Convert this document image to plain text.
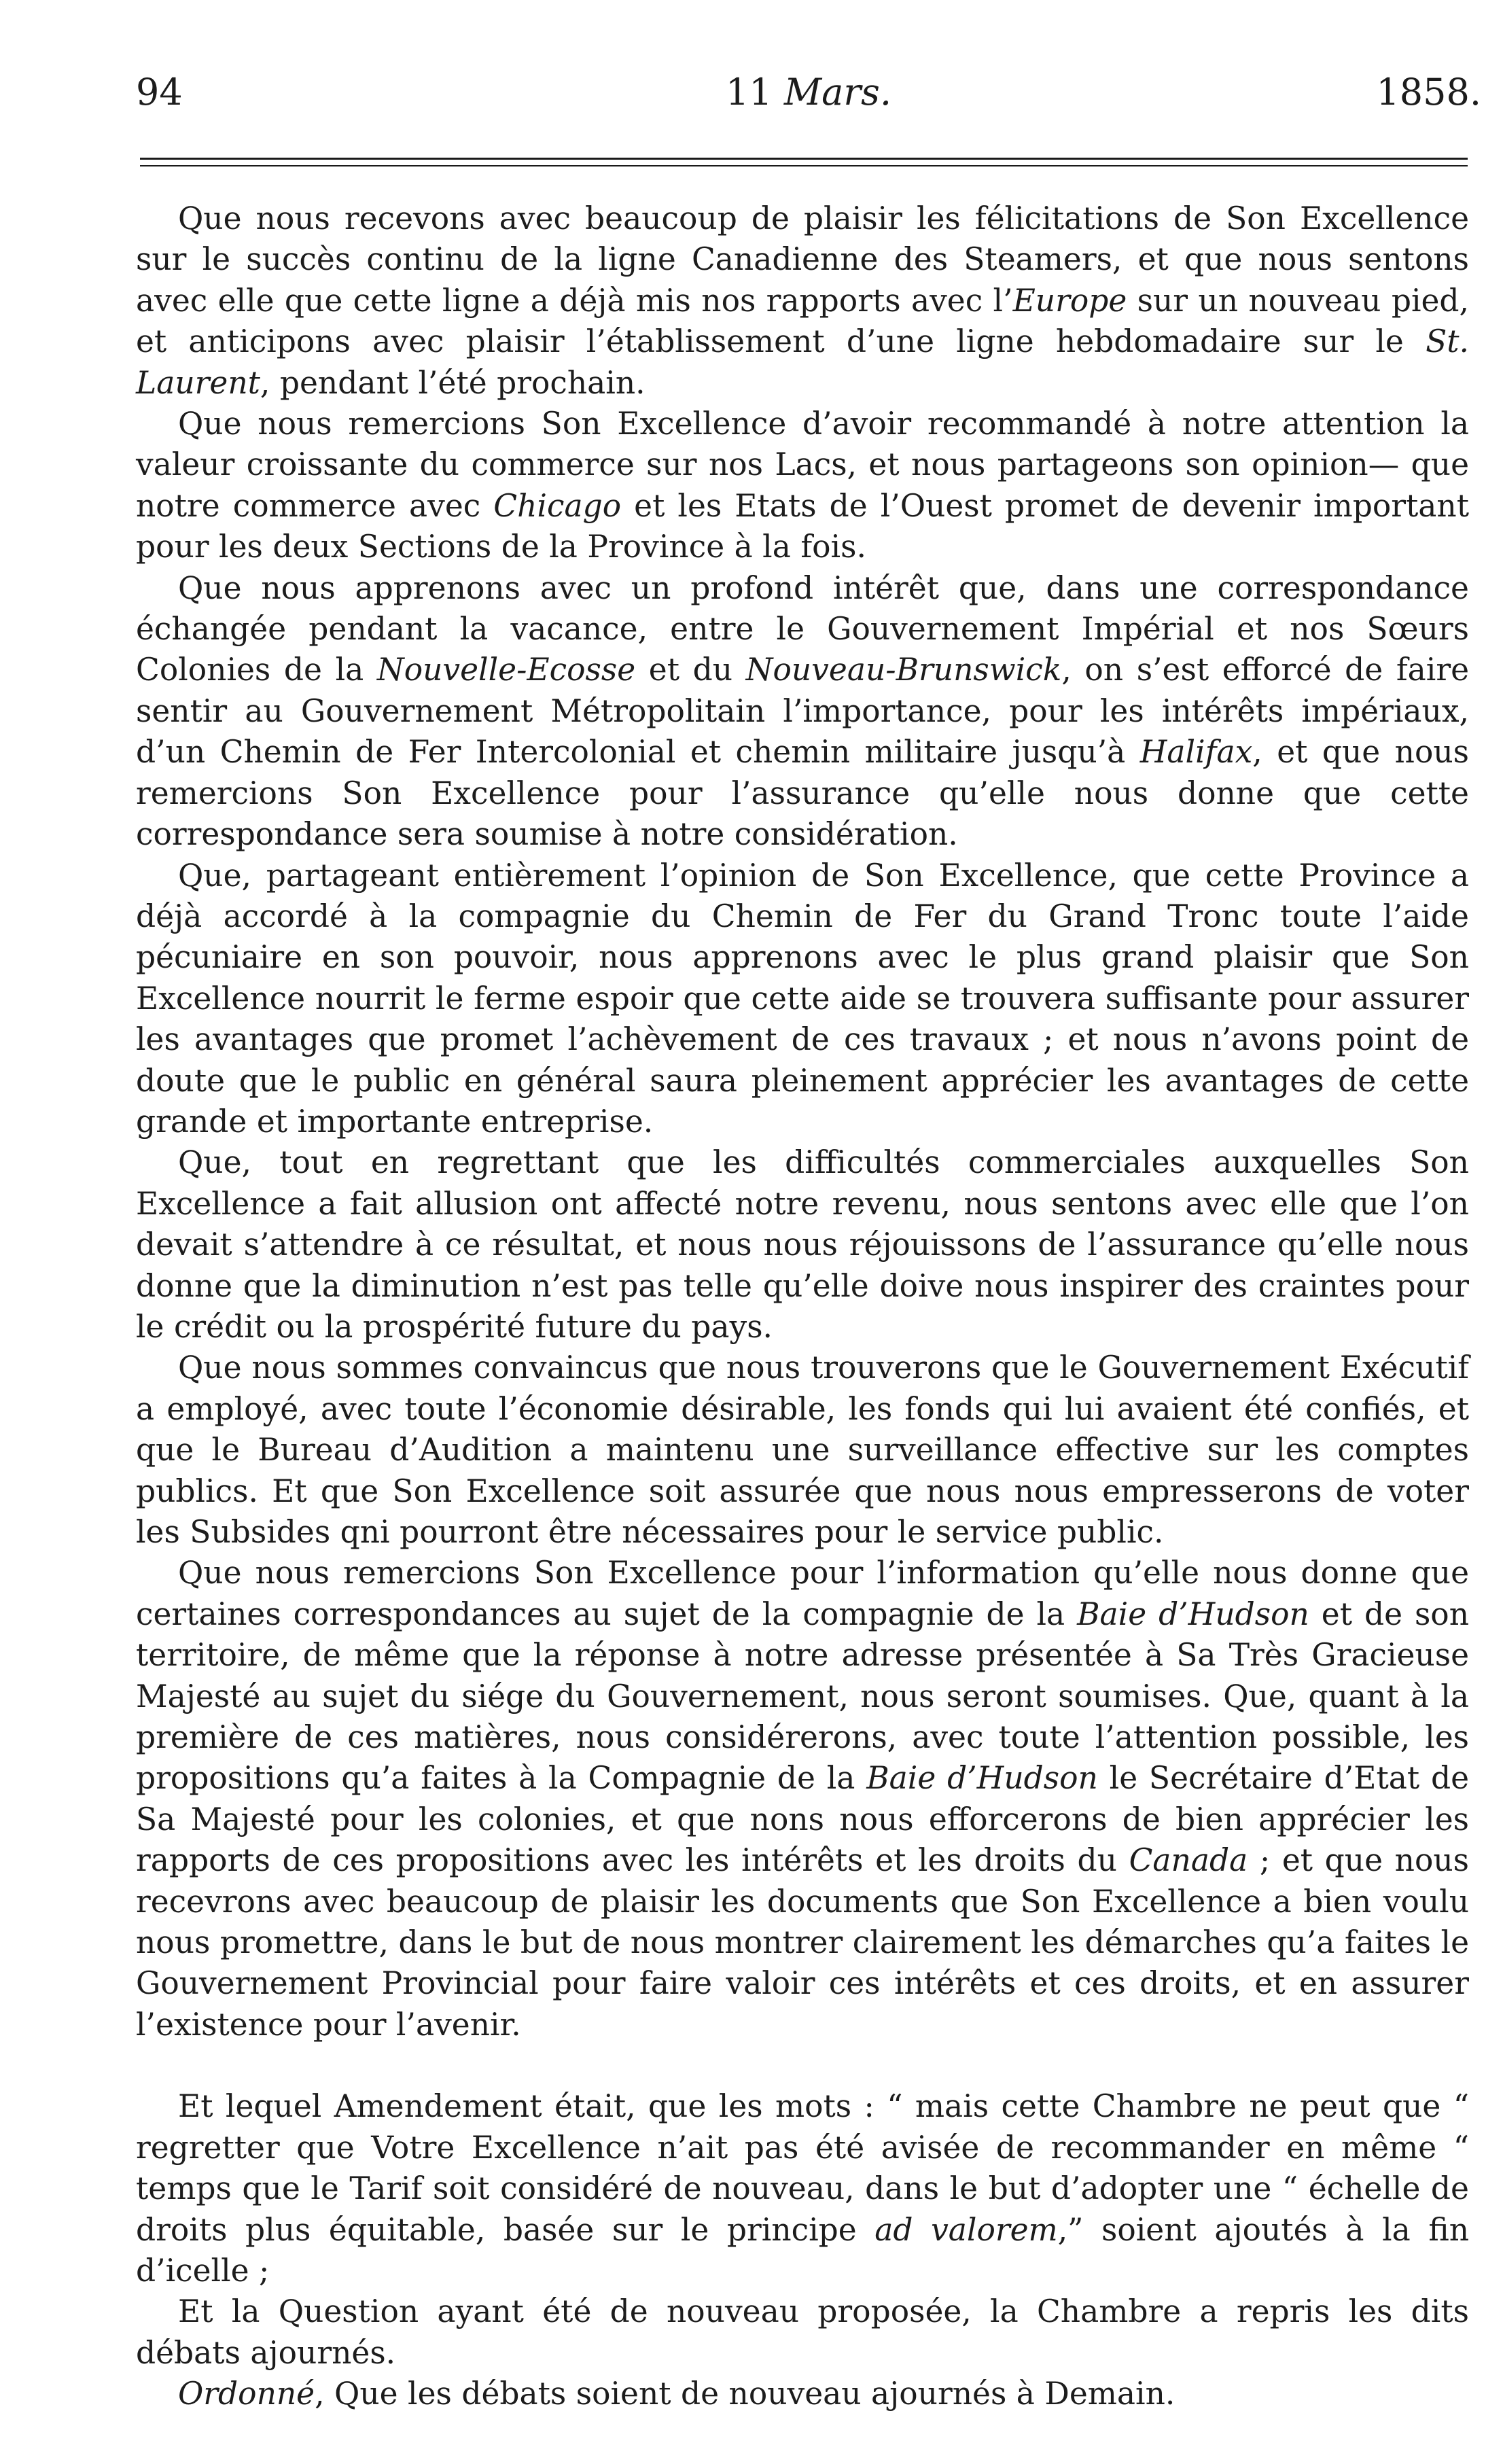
94	11 Mars.	1858.

Que nous recevons avec beaucoup de plaisir les félicitations de Son Excellence sur le succès continu de la ligne Canadienne des Steamers, et que nous sentons avec elle que cette ligne a déjà mis nos rapports avec l’Europe sur un nouveau pied, et anticipons avec plaisir l’établissement d’une ligne hebdomadaire sur le St. Laurent, pendant l’été prochain.

Que nous remercions Son Excellence d’avoir recommandé à notre attention la valeur croissante du commerce sur nos Lacs, et nous partageons son opinion— que notre commerce avec Chicago et les Etats de l’Ouest promet de devenir important pour les deux Sections de la Province à la fois.

Que nous apprenons avec un profond intérêt que, dans une correspondance échangée pendant la vacance, entre le Gouvernement Impérial et nos Sœurs Colonies de la Nouvelle-Ecosse et du Nouveau-Brunswick, on s’est efforcé de faire sentir au Gouvernement Métropolitain l’importance, pour les intérêts impériaux, d’un Chemin de Fer Intercolonial et chemin militaire jusqu’à Halifax, et que nous remercions Son Excellence pour l’assurance qu’elle nous donne que cette correspondance sera soumise à notre considération.

Que, partageant entièrement l’opinion de Son Excellence, que cette Province a déjà accordé à la compagnie du Chemin de Fer du Grand Tronc toute l’aide pécuniaire en son pouvoir, nous apprenons avec le plus grand plaisir que Son Excellence nourrit le ferme espoir que cette aide se trouvera suffisante pour assurer les avantages que promet l’achèvement de ces travaux ; et nous n’avons point de doute que le public en général saura pleinement apprécier les avantages de cette grande et importante entreprise.

Que, tout en regrettant que les difficultés commerciales auxquelles Son Excellence a fait allusion ont affecté notre revenu, nous sentons avec elle que l’on devait s’attendre à ce résultat, et nous nous réjouissons de l’assurance qu’elle nous donne que la diminution n’est pas telle qu’elle doive nous inspirer des craintes pour le crédit ou la prospérité future du pays.

Que nous sommes convaincus que nous trouverons que le Gouvernement Exécutif a employé, avec toute l’économie désirable, les fonds qui lui avaient été confiés, et que le Bureau d’Audition a maintenu une surveillance effective sur les comptes publics. Et que Son Excellence soit assurée que nous nous empresserons de voter les Subsides qni pourront être nécessaires pour le service public.

Que nous remercions Son Excellence pour l’information qu’elle nous donne que certaines correspondances au sujet de la compagnie de la Baie d’Hudson et de son territoire, de même que la réponse à notre adresse présentée à Sa Très Gracieuse Majesté au sujet du siége du Gouvernement, nous seront soumises. Que, quant à la première de ces matières, nous considérerons, avec toute l’attention possible, les propositions qu’a faites à la Compagnie de la Baie d’Hudson le Secrétaire d’Etat de Sa Majesté pour les colonies, et que nons nous efforcerons de bien apprécier les rapports de ces propositions avec les intérêts et les droits du Canada ; et que nous recevrons avec beaucoup de plaisir les documents que Son Excellence a bien voulu nous promettre, dans le but de nous montrer clairement les démarches qu’a faites le Gouvernement Provincial pour faire valoir ces intérêts et ces droits, et en assurer l’existence pour l’avenir.

Et lequel Amendement était, que les mots : “ mais cette Chambre ne peut que “ regretter que Votre Excellence n’ait pas été avisée de recommander en même “ temps que le Tarif soit considéré de nouveau, dans le but d’adopter une “ échelle de droits plus équitable, basée sur le principe ad valorem,” soient ajoutés à la fin d’icelle ;

Et la Question ayant été de nouveau proposée, la Chambre a repris les dits débats ajournés.

Ordonné, Que les débats soient de nouveau ajournés à Demain.
